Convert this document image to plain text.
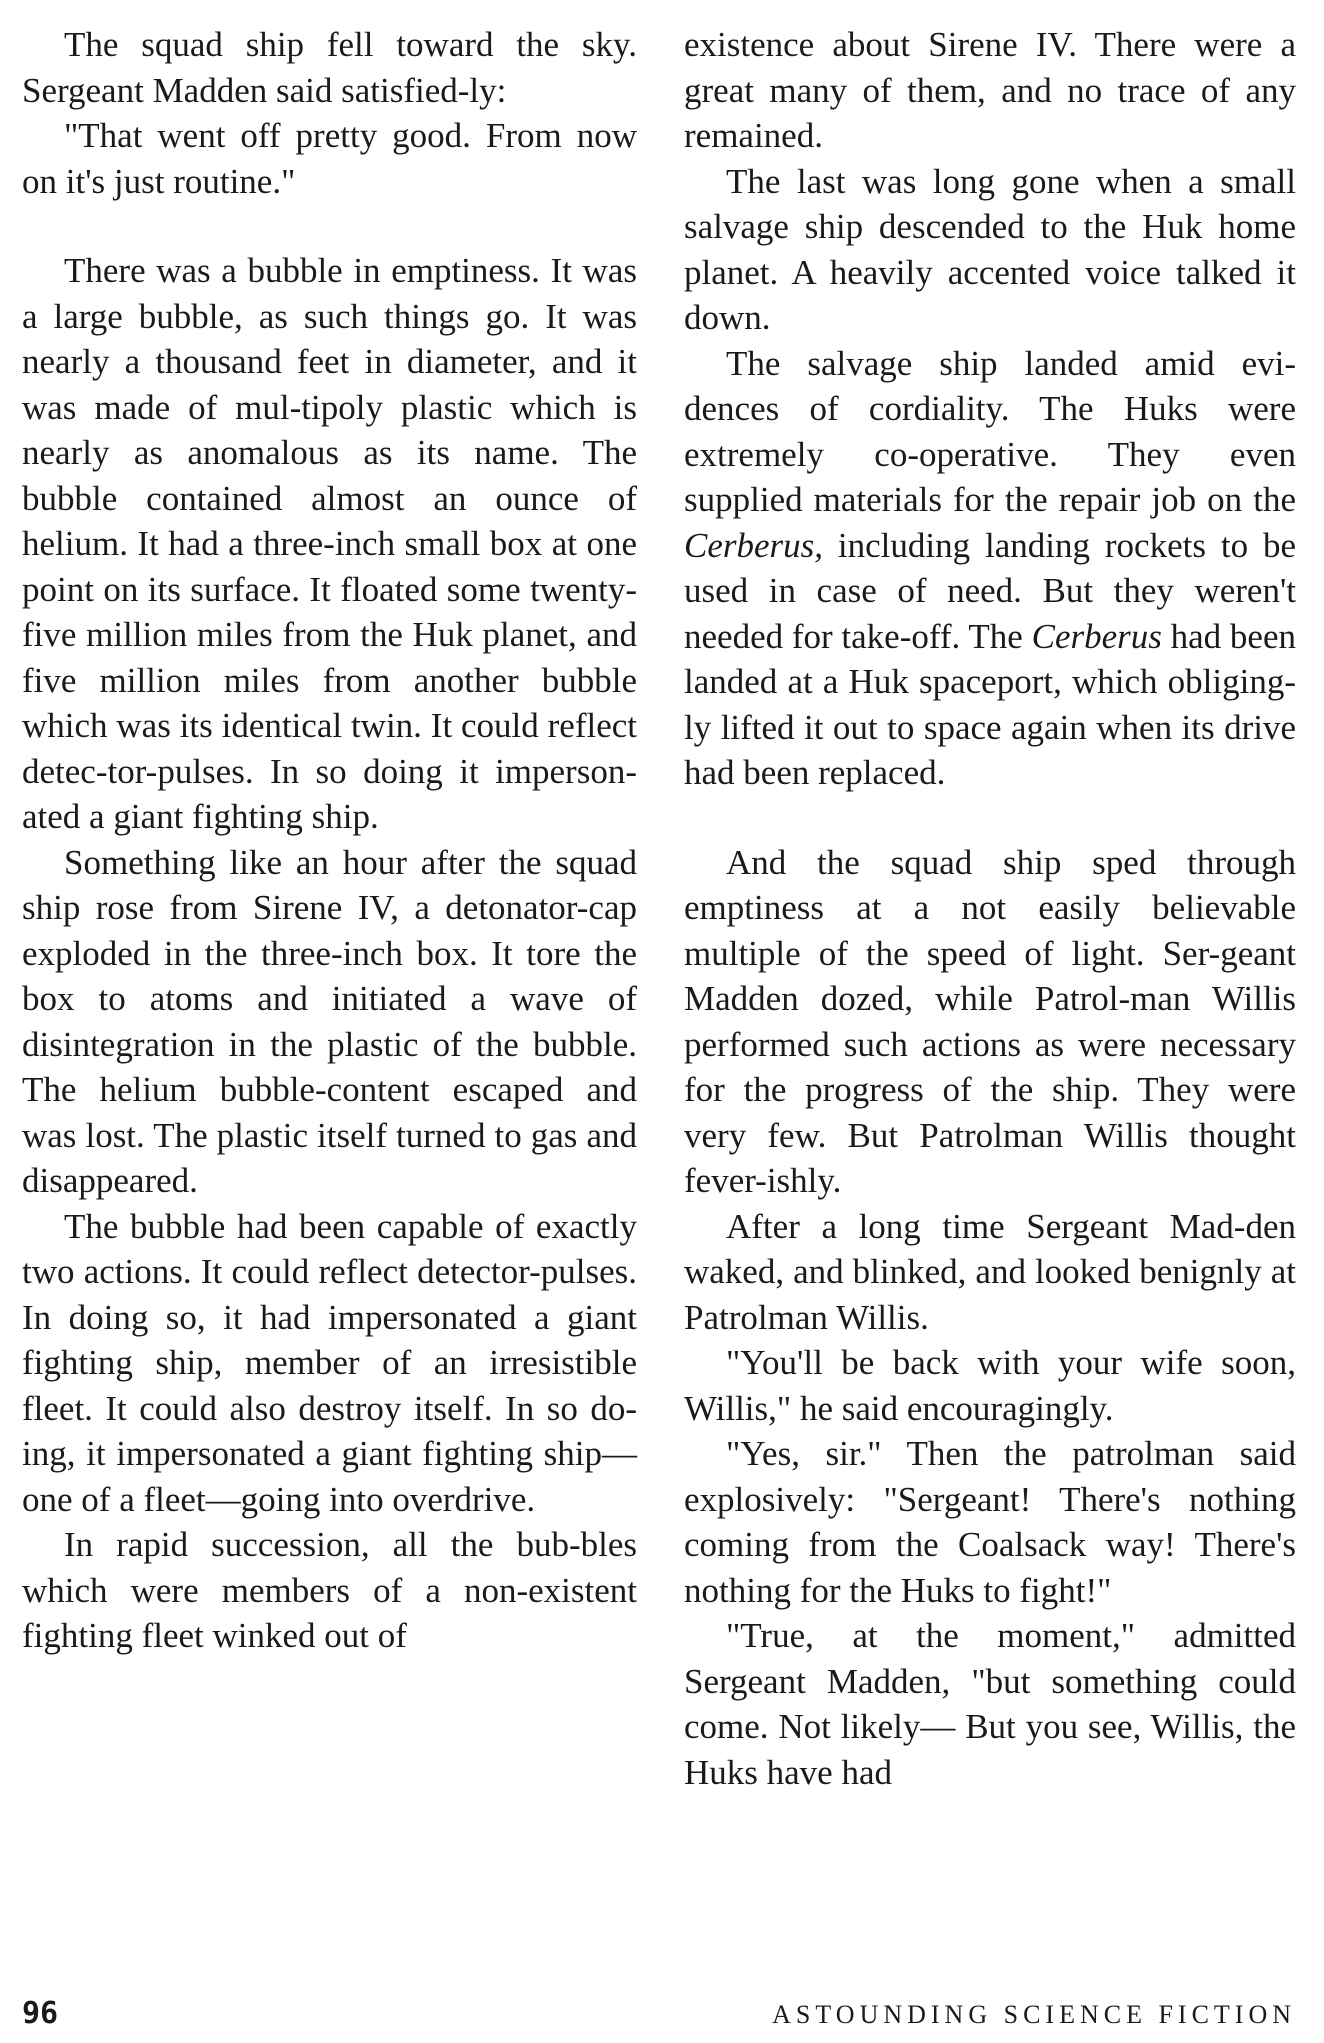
The squad ship fell toward the sky. Sergeant Madden said satisfied-ly:

"That went off pretty good. From now on it's just routine."

There was a bubble in emptiness. It was a large bubble, as such things go. It was nearly a thousand feet in diameter, and it was made of mul-tipoly plastic which is nearly as anomalous as its name. The bubble contained almost an ounce of helium. It had a three-inch small box at one point on its surface. It floated some twenty-five million miles from the Huk planet, and five million miles from another bubble which was its identical twin. It could reflect detec-tor-pulses. In so doing it imperson-ated a giant fighting ship.

Something like an hour after the squad ship rose from Sirene IV, a detonator-cap exploded in the three-inch box. It tore the box to atoms and initiated a wave of disintegration in the plastic of the bubble. The helium bubble-content escaped and was lost. The plastic itself turned to gas and disappeared.

The bubble had been capable of exactly two actions. It could reflect detector-pulses. In doing so, it had impersonated a giant fighting ship, member of an irresistible fleet. It could also destroy itself. In so do-ing, it impersonated a giant fighting ship—one of a fleet—going into overdrive.

In rapid succession, all the bub-bles which were members of a non-existent fighting fleet winked out of

existence about Sirene IV. There were a great many of them, and no trace of any remained.

The last was long gone when a small salvage ship descended to the Huk home planet. A heavily accented voice talked it down.

The salvage ship landed amid evi-dences of cordiality. The Huks were extremely co-operative. They even supplied materials for the repair job on the Cerberus, including landing rockets to be used in case of need. But they weren't needed for take-off. The Cerberus had been landed at a Huk spaceport, which obliging-ly lifted it out to space again when its drive had been replaced.

And the squad ship sped through emptiness at a not easily believable multiple of the speed of light. Ser-geant Madden dozed, while Patrol-man Willis performed such actions as were necessary for the progress of the ship. They were very few. But Patrolman Willis thought fever-ishly.

After a long time Sergeant Mad-den waked, and blinked, and looked benignly at Patrolman Willis.

"You'll be back with your wife soon, Willis," he said encouragingly.

"Yes, sir." Then the patrolman said explosively: "Sergeant! There's nothing coming from the Coalsack way! There's nothing for the Huks to fight!"

"True, at the moment," admitted Sergeant Madden, "but something could come. Not likely— But you see, Willis, the Huks have had

96	ASTOUNDING SCIENCE FICTION
